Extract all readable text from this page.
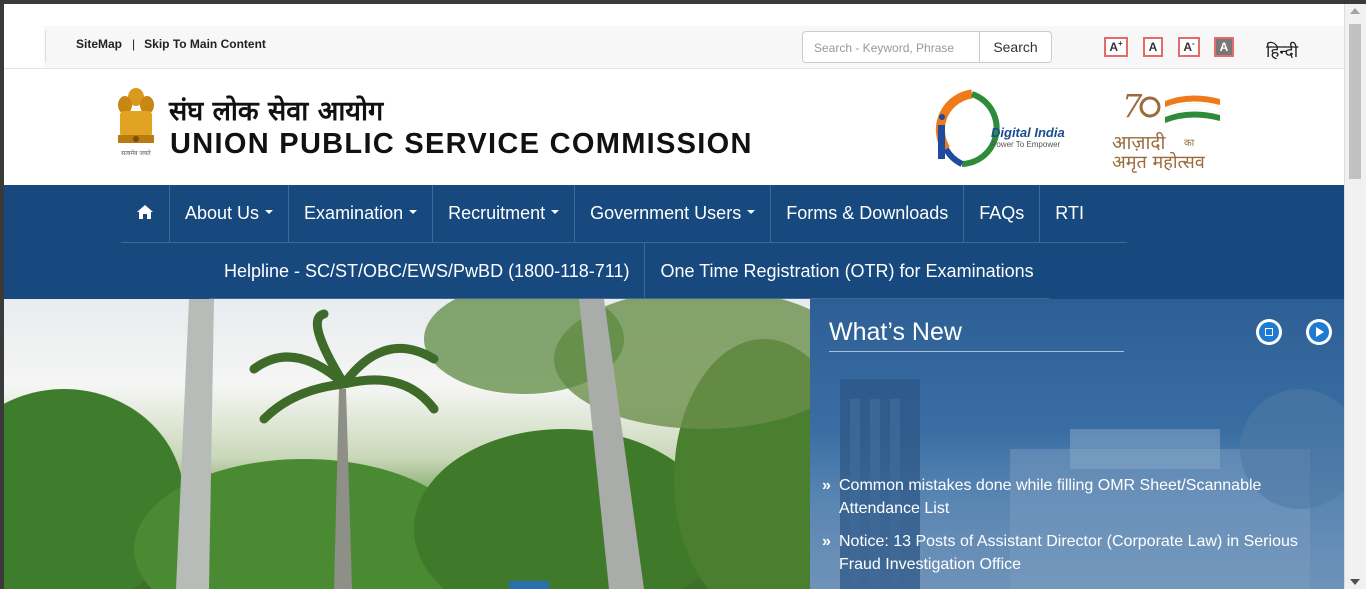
SiteMap | Skip To Main Content	Search - Keyword, Phrase	Search	A+	A	A-	A	हिन्दी
सत्यमेव जयते
संघ लोक सेवा आयोग
UNION PUBLIC SERVICE COMMISSION	Digital India
Power To Empower
7
आज़ादी का
अमृत महोत्सव
About Us	Examination	Recruitment	Government Users	Forms & Downloads	FAQs	RTI
Helpline - SC/ST/OBC/EWS/PwBD (1800-118-711)	One Time Registration (OTR) for Examinations
What’s New
» Common mistakes done while filling OMR Sheet/Scannable Attendance List
» Notice: 13 Posts of Assistant Director (Corporate Law) in Serious Fraud Investigation Office
